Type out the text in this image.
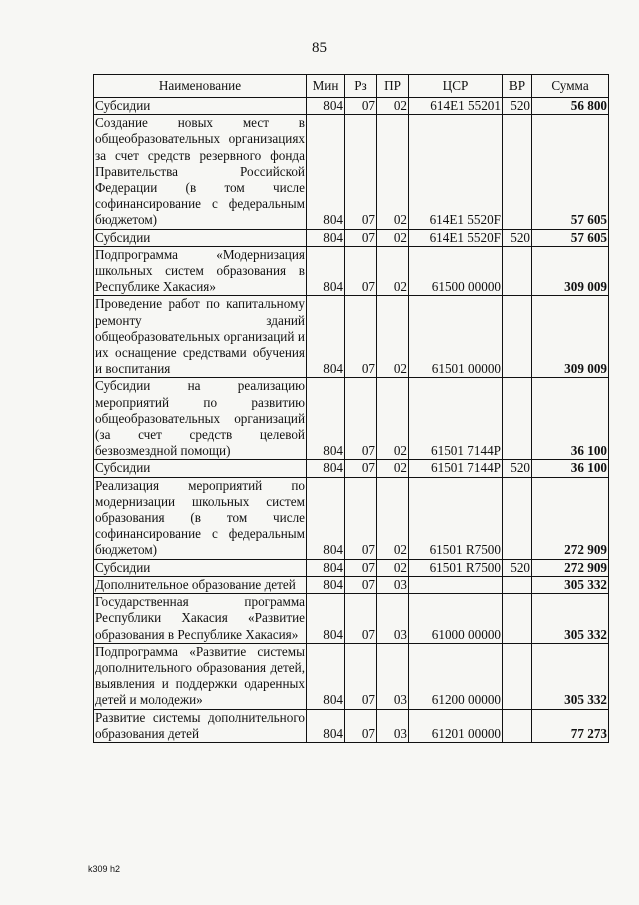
85
Наименование	Мин	Рз	ПР	ЦСР	ВР	Сумма
Субсидии	804	07	02	614E1 55201	520	56 800
Создание новых мест в общеобразовательных организациях за счет средств резервного фонда Правительства Российской Федерации (в том числе софинансирование с федеральным бюджетом)	804	07	02	614E1 5520F		57 605
Субсидии	804	07	02	614E1 5520F	520	57 605
Подпрограмма «Модернизация школьных систем образования в Республике Хакасия»	804	07	02	61500 00000		309 009
Проведение работ по капитальному ремонту зданий общеобразовательных организаций и их оснащение средствами обучения и воспитания	804	07	02	61501 00000		309 009
Субсидии на реализацию мероприятий по развитию общеобразовательных организаций (за счет средств целевой безвозмездной помощи)	804	07	02	61501 7144P		36 100
Субсидии	804	07	02	61501 7144P	520	36 100
Реализация мероприятий по модернизации школьных систем образования (в том числе софинансирование с федеральным бюджетом)	804	07	02	61501 R7500		272 909
Субсидии	804	07	02	61501 R7500	520	272 909
Дополнительное образование детей	804	07	03			305 332
Государственная программа Республики Хакасия «Развитие образования в Республике Хакасия»	804	07	03	61000 00000		305 332
Подпрограмма «Развитие системы дополнительного образования детей, выявления и поддержки одаренных детей и молодежи»	804	07	03	61200 00000		305 332
Развитие системы дополнительного образования детей	804	07	03	61201 00000		77 273
k309 h2
